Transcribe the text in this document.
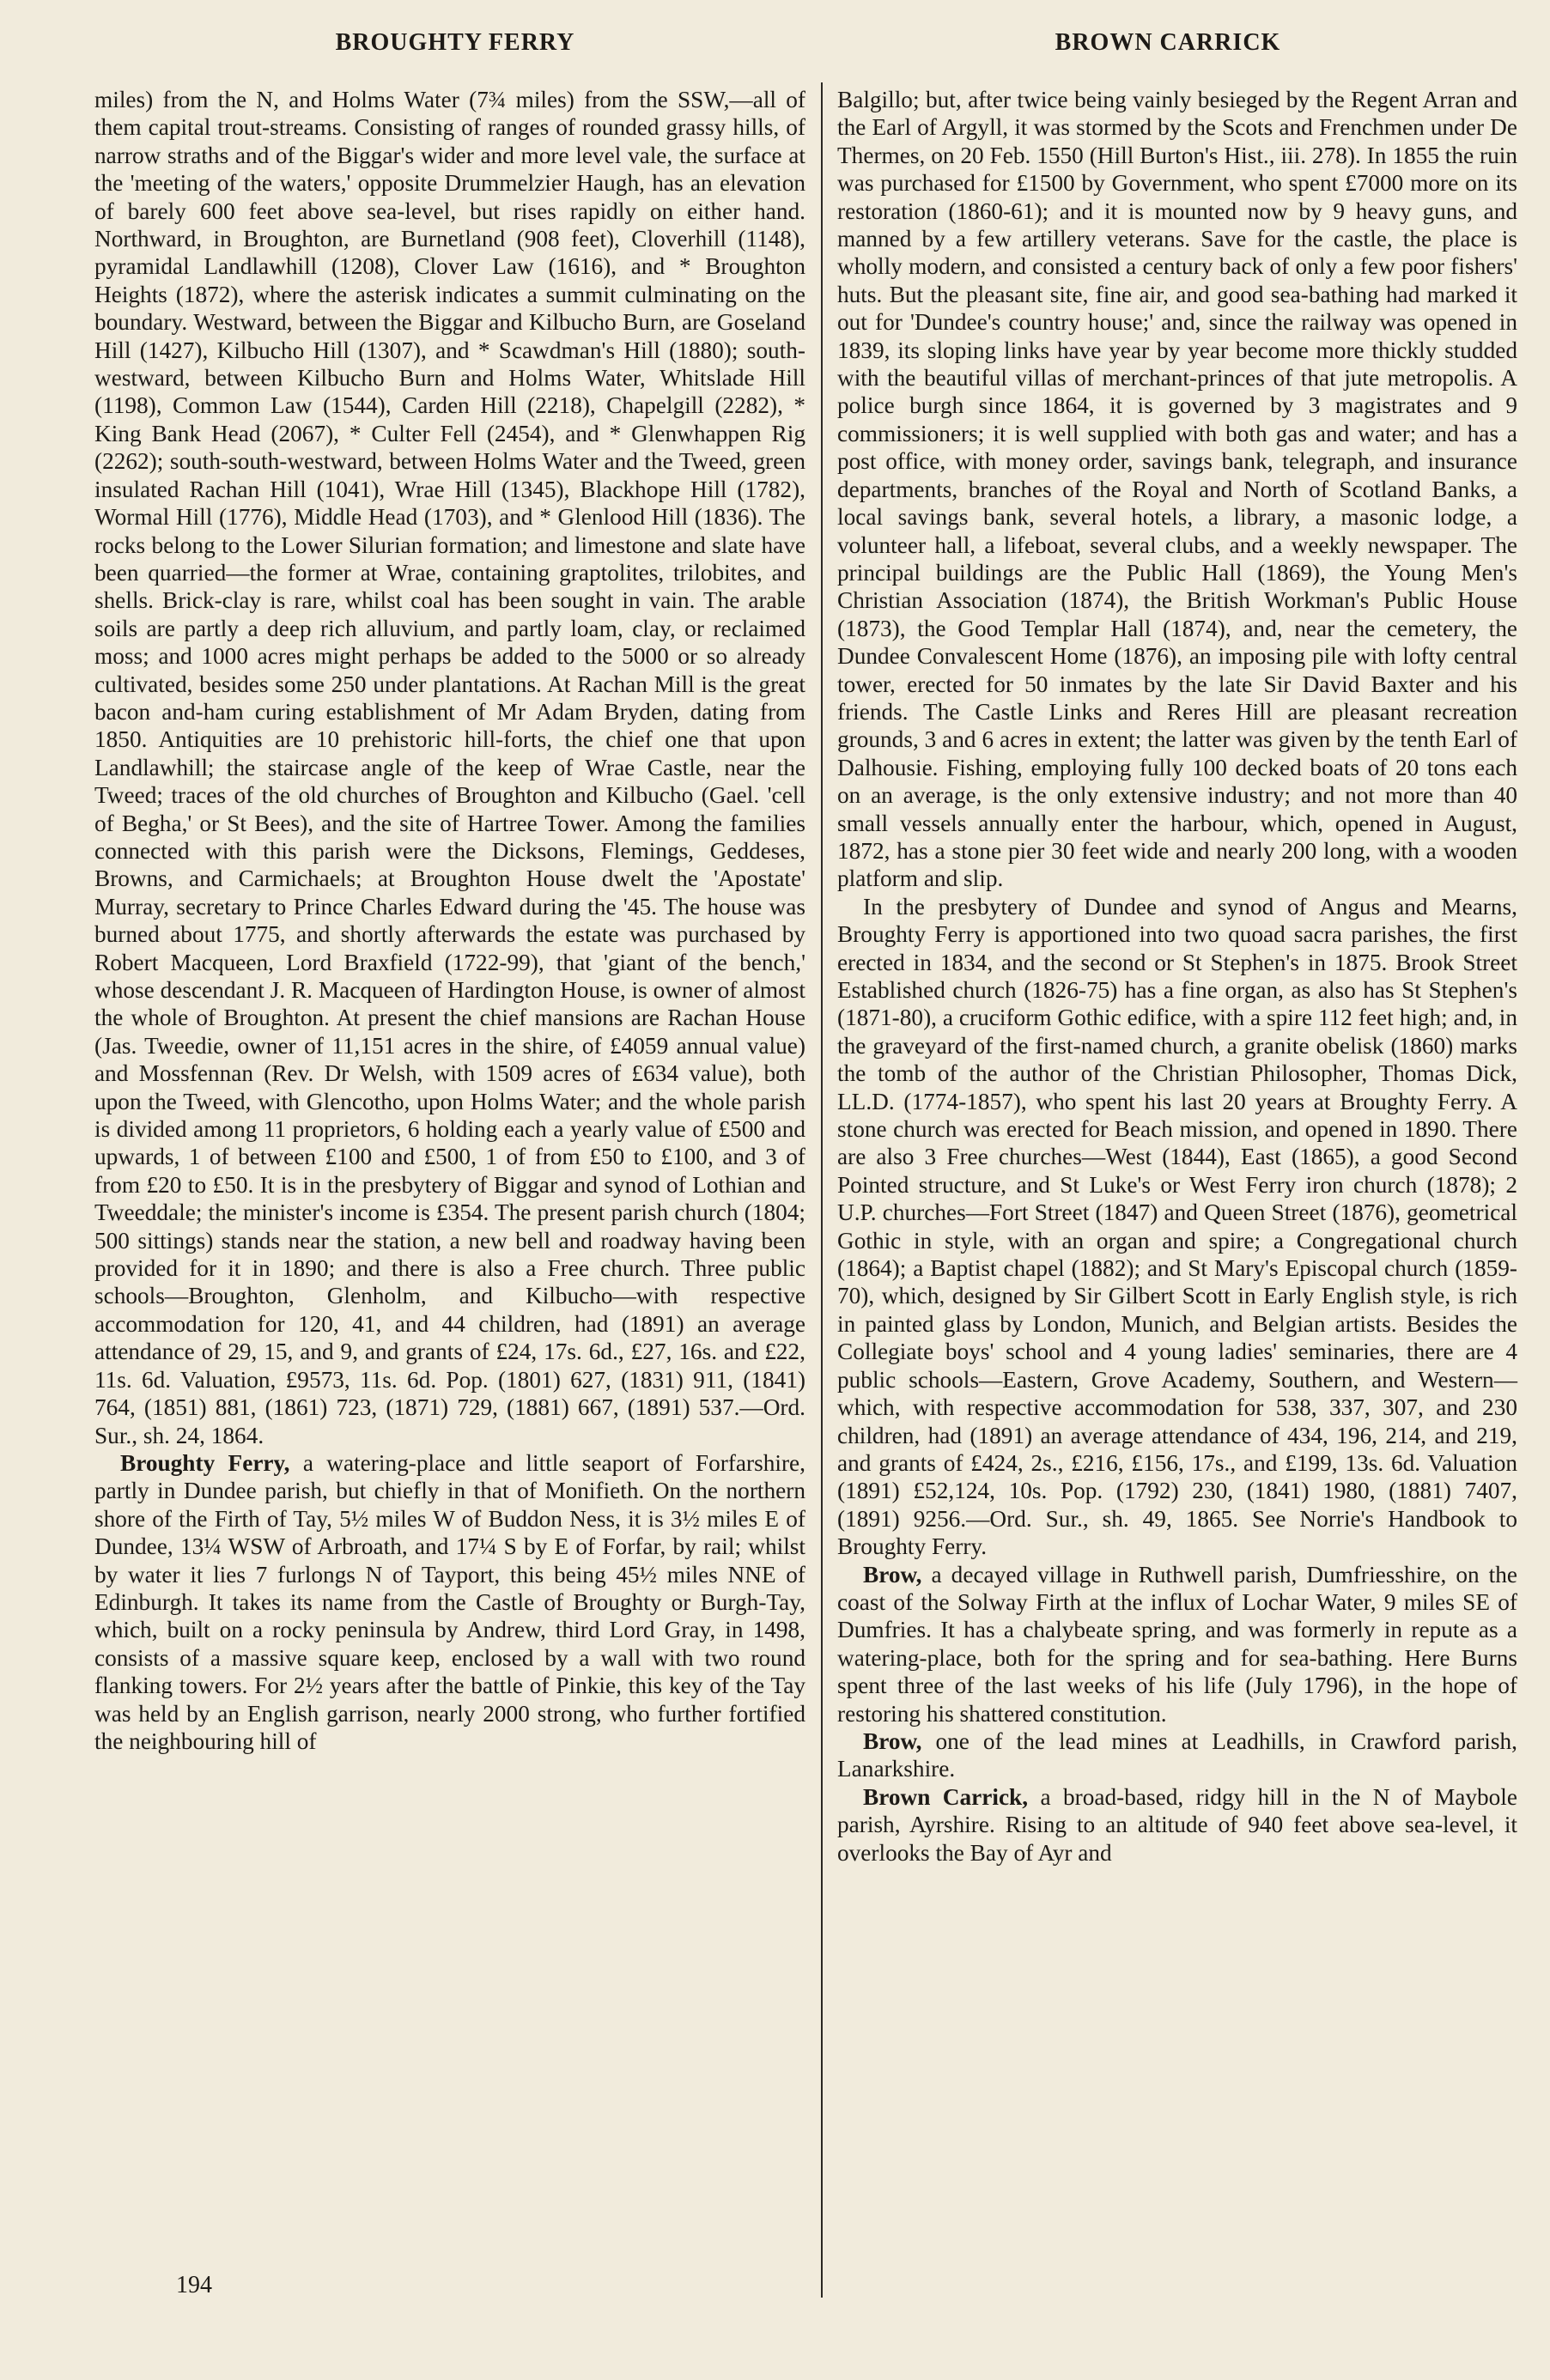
BROUGHTY FERRY	BROWN CARRICK

miles) from the N, and Holms Water (7¾ miles) from the SSW,—all of them capital trout-streams. Consisting of ranges of rounded grassy hills, of narrow straths and of the Biggar's wider and more level vale, the surface at the 'meeting of the waters,' opposite Drummelzier Haugh, has an elevation of barely 600 feet above sea-level, but rises rapidly on either hand. Northward, in Broughton, are Burnetland (908 feet), Cloverhill (1148), pyramidal Landlawhill (1208), Clover Law (1616), and * Broughton Heights (1872), where the asterisk indicates a summit culminating on the boundary. Westward, between the Biggar and Kilbucho Burn, are Goseland Hill (1427), Kilbucho Hill (1307), and * Scawdman's Hill (1880); south-westward, between Kilbucho Burn and Holms Water, Whitslade Hill (1198), Common Law (1544), Carden Hill (2218), Chapelgill (2282), * King Bank Head (2067), * Culter Fell (2454), and * Glenwhappen Rig (2262); south-south-westward, between Holms Water and the Tweed, green insulated Rachan Hill (1041), Wrae Hill (1345), Blackhope Hill (1782), Wormal Hill (1776), Middle Head (1703), and * Glenlood Hill (1836). The rocks belong to the Lower Silurian formation; and limestone and slate have been quarried—the former at Wrae, containing graptolites, trilobites, and shells. Brick-clay is rare, whilst coal has been sought in vain. The arable soils are partly a deep rich alluvium, and partly loam, clay, or reclaimed moss; and 1000 acres might perhaps be added to the 5000 or so already cultivated, besides some 250 under plantations. At Rachan Mill is the great bacon and-ham curing establishment of Mr Adam Bryden, dating from 1850. Antiquities are 10 prehistoric hill-forts, the chief one that upon Landlawhill; the staircase angle of the keep of Wrae Castle, near the Tweed; traces of the old churches of Broughton and Kilbucho (Gael. 'cell of Begha,' or St Bees), and the site of Hartree Tower. Among the families connected with this parish were the Dicksons, Flemings, Geddeses, Browns, and Carmichaels; at Broughton House dwelt the 'Apostate' Murray, secretary to Prince Charles Edward during the '45. The house was burned about 1775, and shortly afterwards the estate was purchased by Robert Macqueen, Lord Braxfield (1722-99), that 'giant of the bench,' whose descendant J. R. Macqueen of Hardington House, is owner of almost the whole of Broughton. At present the chief mansions are Rachan House (Jas. Tweedie, owner of 11,151 acres in the shire, of £4059 annual value) and Mossfennan (Rev. Dr Welsh, with 1509 acres of £634 value), both upon the Tweed, with Glencotho, upon Holms Water; and the whole parish is divided among 11 proprietors, 6 holding each a yearly value of £500 and upwards, 1 of between £100 and £500, 1 of from £50 to £100, and 3 of from £20 to £50. It is in the presbytery of Biggar and synod of Lothian and Tweeddale; the minister's income is £354. The present parish church (1804; 500 sittings) stands near the station, a new bell and roadway having been provided for it in 1890; and there is also a Free church. Three public schools—Broughton, Glenholm, and Kilbucho—with respective accommodation for 120, 41, and 44 children, had (1891) an average attendance of 29, 15, and 9, and grants of £24, 17s. 6d., £27, 16s. and £22, 11s. 6d. Valuation, £9573, 11s. 6d. Pop. (1801) 627, (1831) 911, (1841) 764, (1851) 881, (1861) 723, (1871) 729, (1881) 667, (1891) 537.—Ord. Sur., sh. 24, 1864.

Broughty Ferry, a watering-place and little seaport of Forfarshire, partly in Dundee parish, but chiefly in that of Monifieth. On the northern shore of the Firth of Tay, 5½ miles W of Buddon Ness, it is 3½ miles E of Dundee, 13¼ WSW of Arbroath, and 17¼ S by E of Forfar, by rail; whilst by water it lies 7 furlongs N of Tayport, this being 45½ miles NNE of Edinburgh. It takes its name from the Castle of Broughty or Burgh-Tay, which, built on a rocky peninsula by Andrew, third Lord Gray, in 1498, consists of a massive square keep, enclosed by a wall with two round flanking towers. For 2½ years after the battle of Pinkie, this key of the Tay was held by an English garrison, nearly 2000 strong, who further fortified the neighbouring hill of

Balgillo; but, after twice being vainly besieged by the Regent Arran and the Earl of Argyll, it was stormed by the Scots and Frenchmen under De Thermes, on 20 Feb. 1550 (Hill Burton's Hist., iii. 278). In 1855 the ruin was purchased for £1500 by Government, who spent £7000 more on its restoration (1860-61); and it is mounted now by 9 heavy guns, and manned by a few artillery veterans. Save for the castle, the place is wholly modern, and consisted a century back of only a few poor fishers' huts. But the pleasant site, fine air, and good sea-bathing had marked it out for 'Dundee's country house;' and, since the railway was opened in 1839, its sloping links have year by year become more thickly studded with the beautiful villas of merchant-princes of that jute metropolis. A police burgh since 1864, it is governed by 3 magistrates and 9 commissioners; it is well supplied with both gas and water; and has a post office, with money order, savings bank, telegraph, and insurance departments, branches of the Royal and North of Scotland Banks, a local savings bank, several hotels, a library, a masonic lodge, a volunteer hall, a lifeboat, several clubs, and a weekly newspaper. The principal buildings are the Public Hall (1869), the Young Men's Christian Association (1874), the British Workman's Public House (1873), the Good Templar Hall (1874), and, near the cemetery, the Dundee Convalescent Home (1876), an imposing pile with lofty central tower, erected for 50 inmates by the late Sir David Baxter and his friends. The Castle Links and Reres Hill are pleasant recreation grounds, 3 and 6 acres in extent; the latter was given by the tenth Earl of Dalhousie. Fishing, employing fully 100 decked boats of 20 tons each on an average, is the only extensive industry; and not more than 40 small vessels annually enter the harbour, which, opened in August, 1872, has a stone pier 30 feet wide and nearly 200 long, with a wooden platform and slip.

In the presbytery of Dundee and synod of Angus and Mearns, Broughty Ferry is apportioned into two quoad sacra parishes, the first erected in 1834, and the second or St Stephen's in 1875. Brook Street Established church (1826-75) has a fine organ, as also has St Stephen's (1871-80), a cruciform Gothic edifice, with a spire 112 feet high; and, in the graveyard of the first-named church, a granite obelisk (1860) marks the tomb of the author of the Christian Philosopher, Thomas Dick, LL.D. (1774-1857), who spent his last 20 years at Broughty Ferry. A stone church was erected for Beach mission, and opened in 1890. There are also 3 Free churches—West (1844), East (1865), a good Second Pointed structure, and St Luke's or West Ferry iron church (1878); 2 U.P. churches—Fort Street (1847) and Queen Street (1876), geometrical Gothic in style, with an organ and spire; a Congregational church (1864); a Baptist chapel (1882); and St Mary's Episcopal church (1859-70), which, designed by Sir Gilbert Scott in Early English style, is rich in painted glass by London, Munich, and Belgian artists. Besides the Collegiate boys' school and 4 young ladies' seminaries, there are 4 public schools—Eastern, Grove Academy, Southern, and Western—which, with respective accommodation for 538, 337, 307, and 230 children, had (1891) an average attendance of 434, 196, 214, and 219, and grants of £424, 2s., £216, £156, 17s., and £199, 13s. 6d. Valuation (1891) £52,124, 10s. Pop. (1792) 230, (1841) 1980, (1881) 7407, (1891) 9256.—Ord. Sur., sh. 49, 1865. See Norrie's Handbook to Broughty Ferry.

Brow, a decayed village in Ruthwell parish, Dumfriesshire, on the coast of the Solway Firth at the influx of Lochar Water, 9 miles SE of Dumfries. It has a chalybeate spring, and was formerly in repute as a watering-place, both for the spring and for sea-bathing. Here Burns spent three of the last weeks of his life (July 1796), in the hope of restoring his shattered constitution.

Brow, one of the lead mines at Leadhills, in Crawford parish, Lanarkshire.

Brown Carrick, a broad-based, ridgy hill in the N of Maybole parish, Ayrshire. Rising to an altitude of 940 feet above sea-level, it overlooks the Bay of Ayr and

194
